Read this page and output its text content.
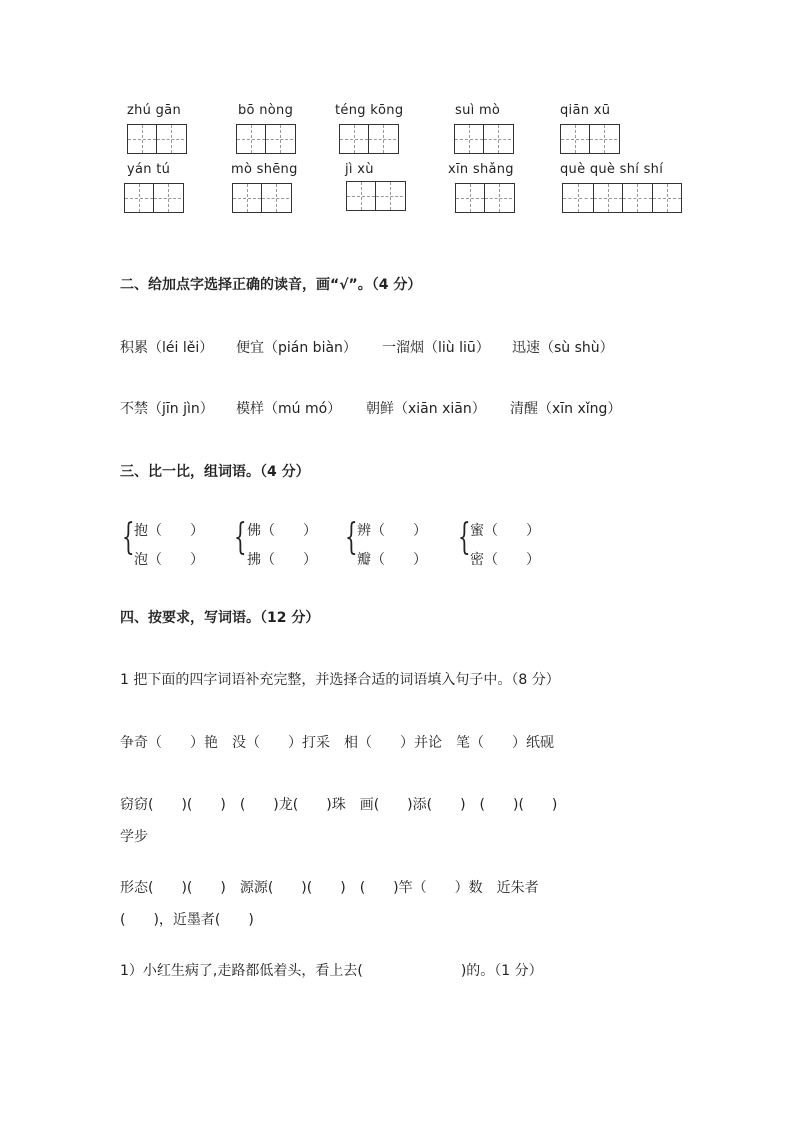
zhú gān	bō nòng	téng kōng	suì mò	qiān xū
yán tú	mò shēng	jì xù	xīn shǎng	què què shí shí
二、给加点字选择正确的读音，画“√”。（4 分）
积累（léi lěi） 便宜（pián biàn） 一溜烟（liù liū） 迅速（sù shù）
不禁（jīn jìn） 模样（mú mó） 朝鲜（xiān xiān） 清醒（xīn xǐng）
三、比一比，组词语。（4 分）
{ 抱（　　）
泡（　　）
{ 佛（　　）
拂（　　）
{ 辨（　　）
瓣（　　）
{ 蜜（　　）
密（　　）
四、按要求，写词语。（12 分）
1 把下面的四字词语补充完整，并选择合适的词语填入句子中。（8 分）
争奇（　　）艳　没（　　）打采　相（　　）并论　笔（　　）纸砚
窃窃(　　)(　　)　(　　)龙(　　)珠　画(　　)添(　　)　(　　)(　　)
学步
形态(　　)(　　)　源源(　　)(　　)　(　　)竿（　　）数　近朱者
(　　)，近墨者(　　)
1）小红生病了,走路都低着头，看上去(　　　　　　　)的。（1 分）
